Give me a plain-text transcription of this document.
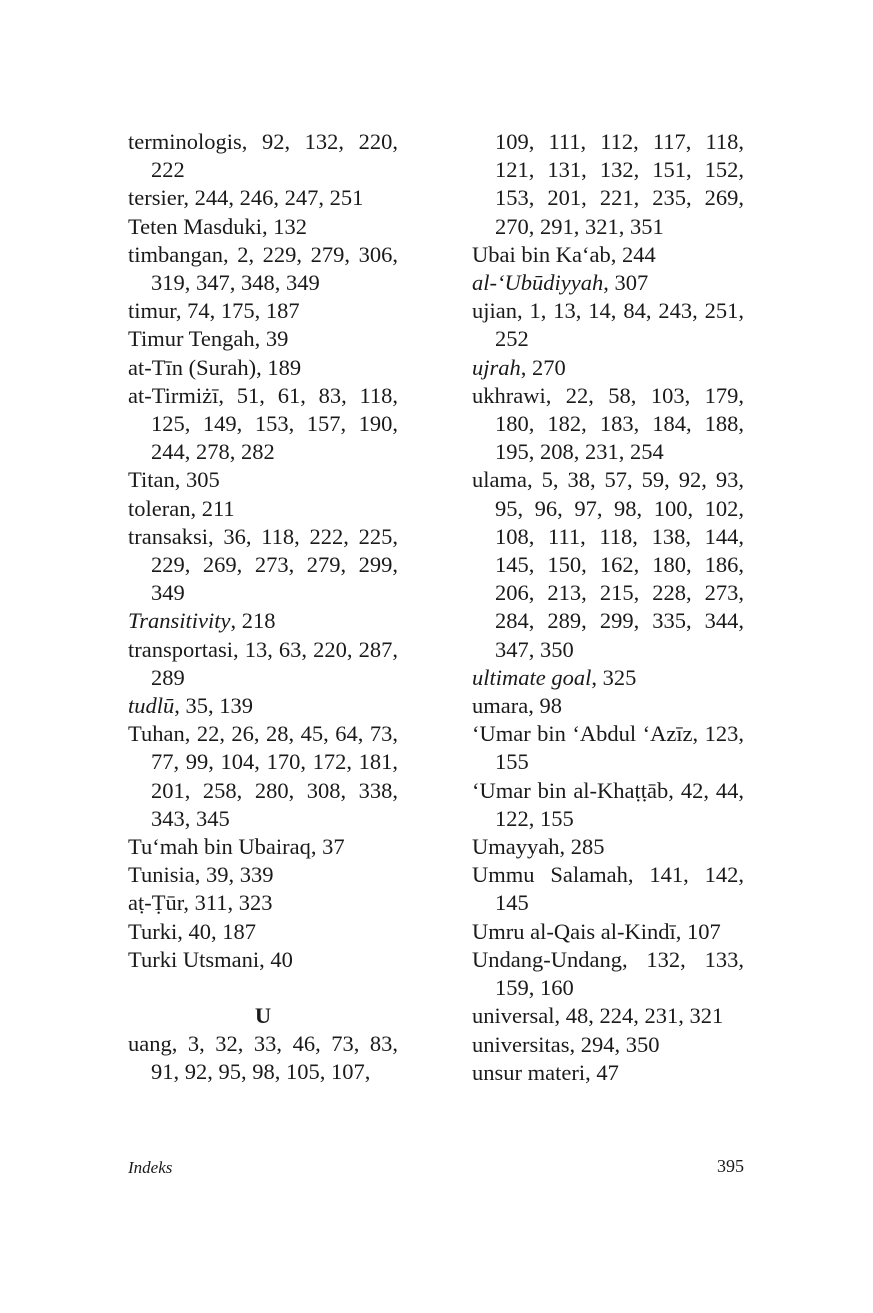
terminologis, 92, 132, 220, 222

tersier, 244, 246, 247, 251

Teten Masduki, 132

timbangan, 2, 229, 279, 306, 319, 347, 348, 349

timur, 74, 175, 187

Timur Tengah, 39

at-Tīn (Surah), 189

at-Tirmiżī, 51, 61, 83, 118, 125, 149, 153, 157, 190, 244, 278, 282

Titan, 305

toleran, 211

transaksi, 36, 118, 222, 225, 229, 269, 273, 279, 299, 349

Transitivity, 218

transportasi, 13, 63, 220, 287, 289

tudlū, 35, 139

Tuhan, 22, 26, 28, 45, 64, 73, 77, 99, 104, 170, 172, 181, 201, 258, 280, 308, 338, 343, 345

Tu‘mah bin Ubairaq, 37

Tunisia, 39, 339

aṭ-Ṭūr, 311, 323

Turki, 40, 187

Turki Utsmani, 40

U

uang, 3, 32, 33, 46, 73, 83, 91, 92, 95, 98, 105, 107,

109, 111, 112, 117, 118, 121, 131, 132, 151, 152, 153, 201, 221, 235, 269, 270, 291, 321, 351

Ubai bin Ka‘ab, 244

al-‘Ubūdiyyah, 307

ujian, 1, 13, 14, 84, 243, 251, 252

ujrah, 270

ukhrawi, 22, 58, 103, 179, 180, 182, 183, 184, 188, 195, 208, 231, 254

ulama, 5, 38, 57, 59, 92, 93, 95, 96, 97, 98, 100, 102, 108, 111, 118, 138, 144, 145, 150, 162, 180, 186, 206, 213, 215, 228, 273, 284, 289, 299, 335, 344, 347, 350

ultimate goal, 325

umara, 98

‘Umar bin ‘Abdul ‘Azīz, 123, 155

‘Umar bin al-Khaṭṭāb, 42, 44, 122, 155

Umayyah, 285

Ummu Salamah, 141, 142, 145

Umru al-Qais al-Kindī, 107

Undang-Undang, 132, 133, 159, 160

universal, 48, 224, 231, 321

universitas, 294, 350

unsur materi, 47

Indeks	395
